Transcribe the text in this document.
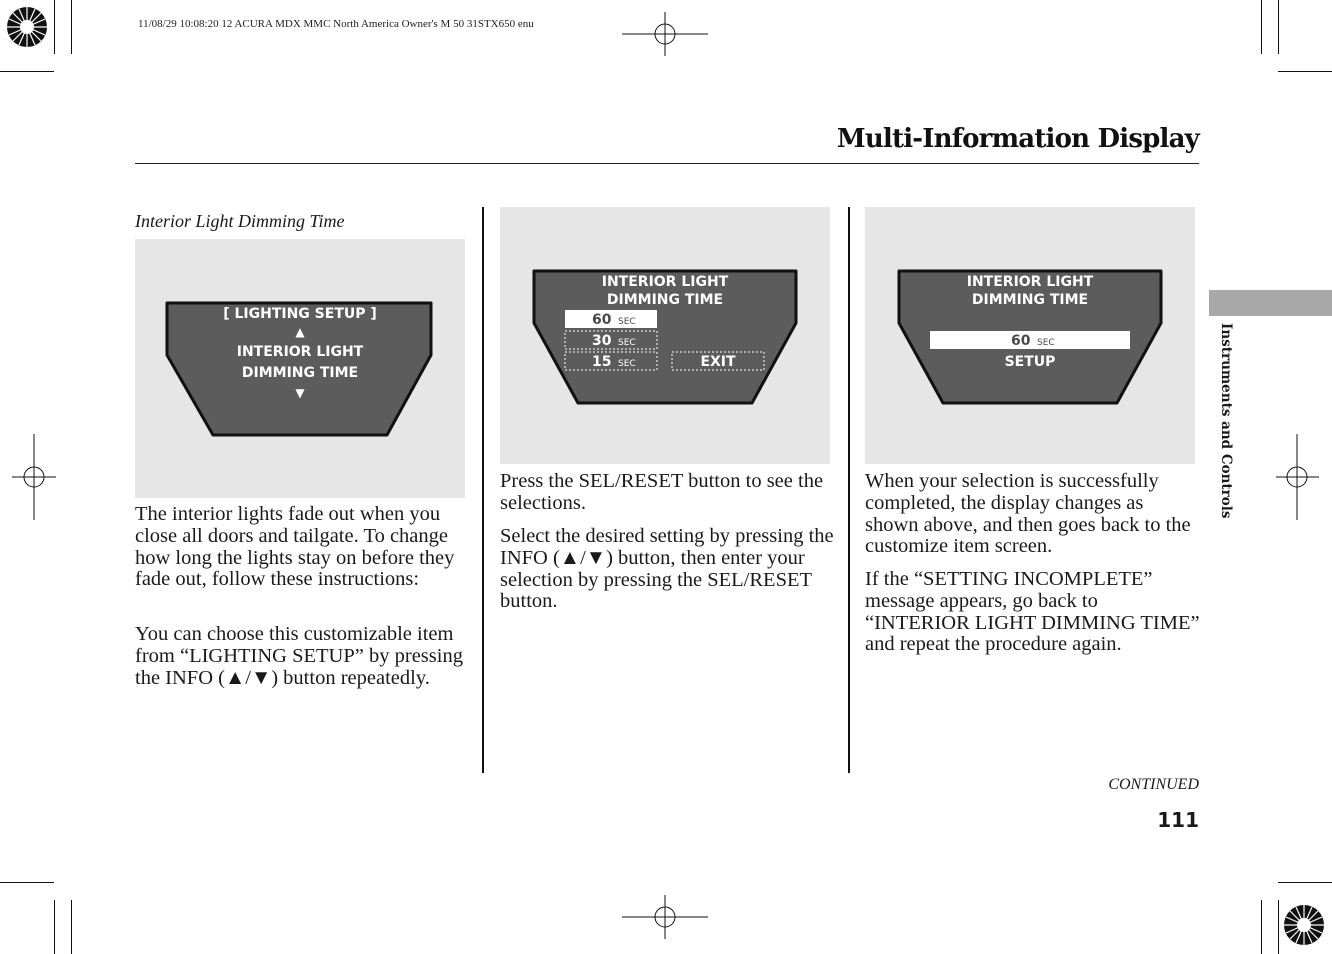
11/08/29 10:08:20 12 ACURA MDX MMC North America Owner's M 50 31STX650 enu
Multi-Information Display
Interior Light Dimming Time
[ LIGHTING SETUP ]
▲
INTERIOR LIGHT
DIMMING TIME
▼

The interior lights fade out when you close all doors and tailgate. To change how long the lights stay on before they fade out, follow these instructions:

You can choose this customizable item from “LIGHTING SETUP” by pressing the INFO (▲/▼) button repeatedly.

INTERIOR LIGHT
DIMMING TIME
60 SEC
30 SEC
15 SEC	EXIT

Press the SEL/RESET button to see the selections.

Select the desired setting by pressing the INFO (▲/▼) button, then enter your selection by pressing the SEL/RESET button.

INTERIOR LIGHT
DIMMING TIME
60 SEC
SETUP

When your selection is successfully completed, the display changes as shown above, and then goes back to the customize item screen.

If the “SETTING INCOMPLETE” message appears, go back to “INTERIOR LIGHT DIMMING TIME” and repeat the procedure again.

Instruments and Controls
CONTINUED
111
